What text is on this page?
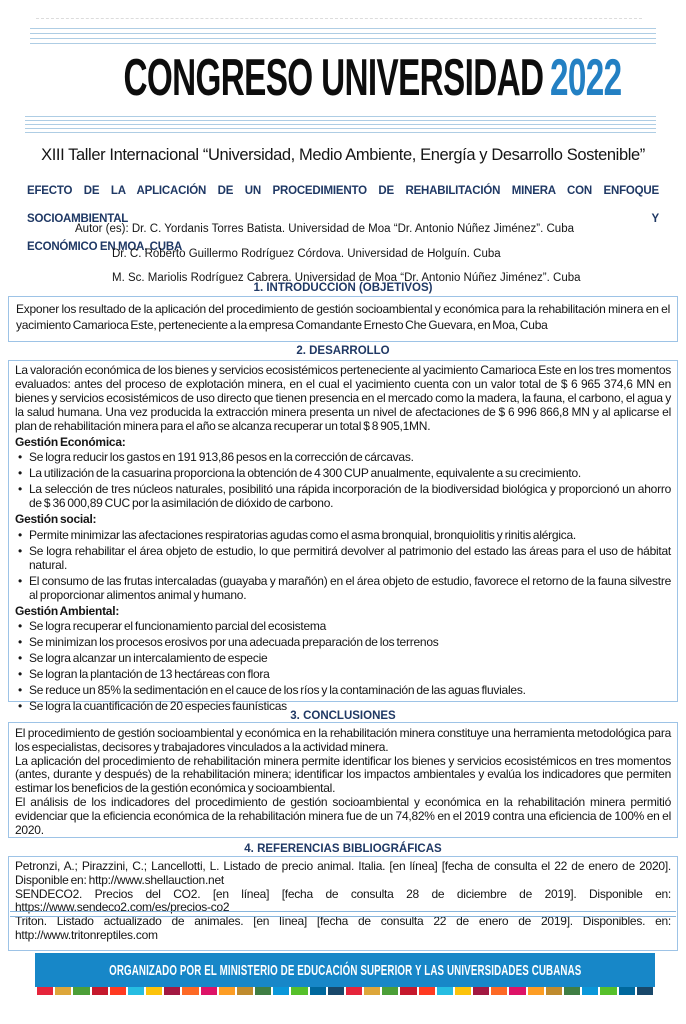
CONGRESO UNIVERSIDAD 2022
XIII Taller Internacional “Universidad, Medio Ambiente, Energía y Desarrollo Sostenible”
EFECTO DE LA APLICACIÓN DE UN PROCEDIMIENTO DE REHABILITACIÓN MINERA CON ENFOQUE SOCIOAMBIENTAL Y
ECONÓMICO EN MOA, CUBA
Autor (es): Dr. C. Yordanis Torres Batista. Universidad de Moa “Dr. Antonio Núñez Jiménez”. Cuba
Dr. C. Roberto Guillermo Rodríguez Córdova. Universidad de Holguín. Cuba
M. Sc. Mariolis Rodríguez Cabrera. Universidad de Moa “Dr. Antonio Núñez Jiménez”. Cuba
1. INTRODUCCION (OBJETIVOS)

Exponer los resultado de la aplicación del procedimiento de gestión socioambiental y económica para la rehabilitación minera en el yacimiento Camarioca Este, perteneciente a la empresa Comandante Ernesto Che Guevara, en Moa, Cuba

2. DESARROLLO

La valoración económica de los bienes y servicios ecosistémicos perteneciente al yacimiento Camarioca Este en los tres momentos evaluados: antes del proceso de explotación minera, en el cual el yacimiento cuenta con un valor total de $ 6 965 374,6 MN en bienes y servicios ecosistémicos de uso directo que tienen presencia en el mercado como la madera, la fauna, el carbono, el agua y la salud humana. Una vez producida la extracción minera presenta un nivel de afectaciones de $ 6 996 866,8 MN y al aplicarse el plan de rehabilitación minera para el año se alcanza recuperar un total $ 8 905,1MN.

Gestión Económica:
• Se logra reducir los gastos en 191 913,86 pesos en la corrección de cárcavas.
• La utilización de la casuarina proporciona la obtención de 4 300 CUP anualmente, equivalente a su crecimiento.
• La selección de tres núcleos naturales, posibilitó una rápida incorporación de la biodiversidad biológica y proporcionó un ahorro de $ 36 000,89 CUC por la asimilación de dióxido de carbono.
Gestión social:
• Permite minimizar las afectaciones respiratorias agudas como el asma bronquial, bronquiolitis y rinitis alérgica.
• Se logra rehabilitar el área objeto de estudio, lo que permitirá devolver al patrimonio del estado las áreas para el uso de hábitat natural.
• El consumo de las frutas intercaladas (guayaba y marañón) en el área objeto de estudio, favorece el retorno de la fauna silvestre al proporcionar alimentos animal y humano.
Gestión Ambiental:
• Se logra recuperar el funcionamiento parcial del ecosistema
• Se minimizan los procesos erosivos por una adecuada preparación de los terrenos
• Se logra alcanzar un intercalamiento de especie
• Se logran la plantación de 13 hectáreas con flora
• Se reduce un 85% la sedimentación en el cauce de los ríos y la contaminación de las aguas fluviales.
• Se logra la cuantificación de 20 especies faunísticas
3. CONCLUSIONES

El procedimiento de gestión socioambiental y económica en la rehabilitación minera constituye una herramienta metodológica para los especialistas, decisores y trabajadores vinculados a la actividad minera.

La aplicación del procedimiento de rehabilitación minera permite identificar los bienes y servicios ecosistémicos en tres momentos (antes, durante y después) de la rehabilitación minera; identificar los impactos ambientales y evalúa los indicadores que permiten estimar los beneficios de la gestión económica y socioambiental.

El análisis de los indicadores del procedimiento de gestión socioambiental y económica en la rehabilitación minera permitió evidenciar que la eficiencia económica de la rehabilitación minera fue de un 74,82% en el 2019 contra una eficiencia de 100% en el 2020.

4. REFERENCIAS BIBLIOGRÁFICAS

Petronzi, A.; Pirazzini, C.; Lancellotti, L. Listado de precio animal. Italia. [en línea] [fecha de consulta el 22 de enero de 2020]. Disponible en: http://www.shellauction.net

SENDECO2. Precios del CO2. [en línea] [fecha de consulta 28 de diciembre de 2019]. Disponible en: https://www.sendeco2.com/es/precios-co2

Triton. Listado actualizado de animales. [en línea] [fecha de consulta 22 de enero de 2019]. Disponibles. en: http://www.tritonreptiles.com

ORGANIZADO POR EL MINISTERIO DE EDUCACIÓN SUPERIOR Y LAS UNIVERSIDADES CUBANAS
